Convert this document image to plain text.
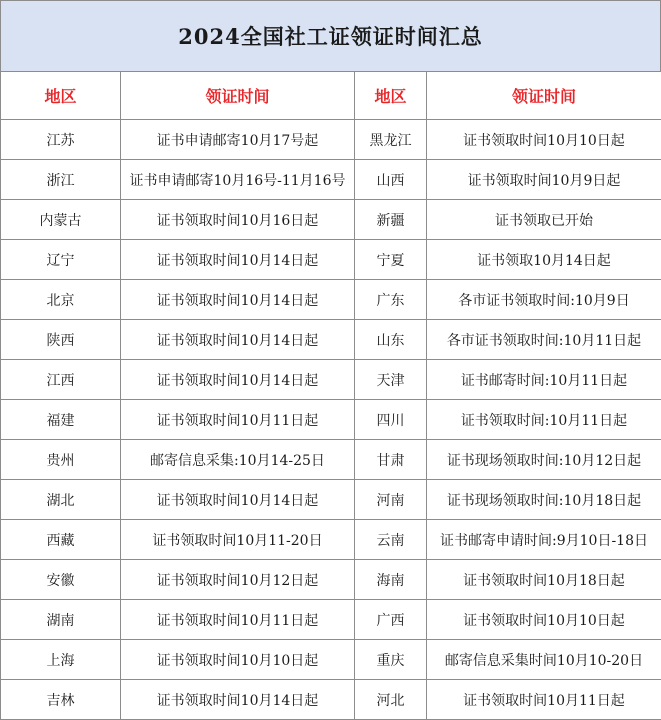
2024全国社工证领证时间汇总
地区	领证时间	地区	领证时间
江苏	证书申请邮寄10月17号起	黑龙江	证书领取时间10月10日起
浙江	证书申请邮寄10月16号-11月16号	山西	证书领取时间10月9日起
内蒙古	证书领取时间10月16日起	新疆	证书领取已开始
辽宁	证书领取时间10月14日起	宁夏	证书领取10月14日起
北京	证书领取时间10月14日起	广东	各市证书领取时间:10月9日
陕西	证书领取时间10月14日起	山东	各市证书领取时间:10月11日起
江西	证书领取时间10月14日起	天津	证书邮寄时间:10月11日起
福建	证书领取时间10月11日起	四川	证书领取时间:10月11日起
贵州	邮寄信息采集:10月14-25日	甘肃	证书现场领取时间:10月12日起
湖北	证书领取时间10月14日起	河南	证书现场领取时间:10月18日起
西藏	证书领取时间10月11-20日	云南	证书邮寄申请时间:9月10日-18日
安徽	证书领取时间10月12日起	海南	证书领取时间10月18日起
湖南	证书领取时间10月11日起	广西	证书领取时间10月10日起
上海	证书领取时间10月10日起	重庆	邮寄信息采集时间10月10-20日
吉林	证书领取时间10月14日起	河北	证书领取时间10月11日起
